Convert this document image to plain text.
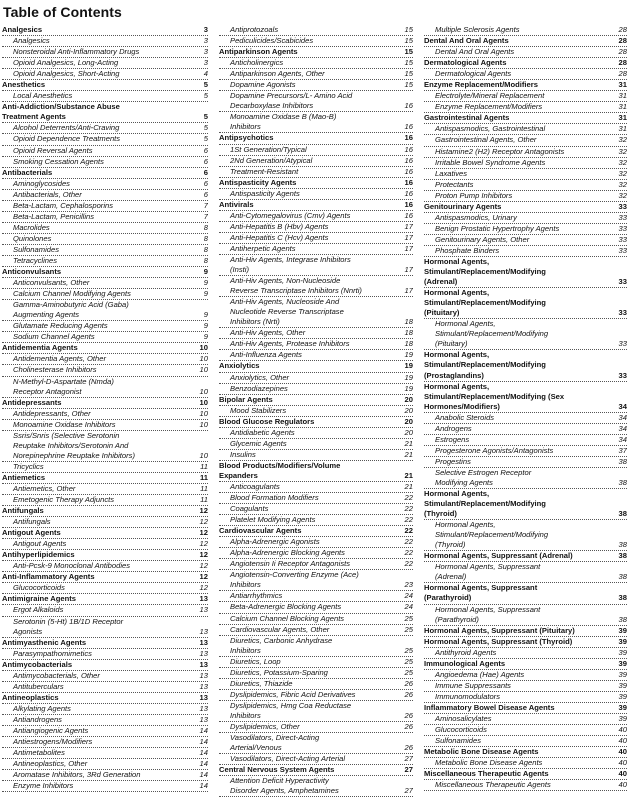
Table of Contents
Analgesics	3
Analgesics	3
Nonsteroidal Anti-Inflammatory Drugs	3
Opioid Analgesics, Long-Acting	3
Opioid Analgesics, Short-Acting	4
Anesthetics	5
Local Anesthetics	5
Anti-Addiction/Substance Abuse
Treatment Agents	5
Alcohol Deterrents/Anti-Craving	5
Opioid Dependence Treatments	5
Opioid Reversal Agents	6
Smoking Cessation Agents	6
Antibacterials	6
Aminoglycosides	6
Antibacterials, Other	6
Beta-Lactam, Cephalosporins	7
Beta-Lactam, Penicillins	7
Macrolides	8
Quinolones	8
Sulfonamides	8
Tetracyclines	8
Anticonvulsants	9
Anticonvulsants, Other	9
Calcium Channel Modifying Agents	9
Gamma-Aminobutyric Acid (Gaba)
Augmenting Agents	9
Glutamate Reducing Agents	9
Sodium Channel Agents	9
Antidementia Agents	10
Antidementia Agents, Other	10
Cholinesterase Inhibitors	10
N-Methyl-D-Aspartate (Nmda)
Receptor Antagonist	10
Antidepressants	10
Antidepressants, Other	10
Monoamine Oxidase Inhibitors	10
Ssris/Snris (Selective Serotonin
Reuptake Inhibitors/Serotonin And
Norepinephrine Reuptake Inhibitors)	10
Tricyclics	11
Antiemetics	11
Antiemetics, Other	11
Emetogenic Therapy Adjuncts	11
Antifungals	12
Antifungals	12
Antigout Agents	12
Antigout Agents	12
Antihyperlipidemics	12
Anti-Pcsk-9 Monoclonal Antibodies	12
Anti-Inflammatory Agents	12
Glucocorticoids	12
Antimigraine Agents	13
Ergot Alkaloids	13
Serotonin (5-Ht) 1B/1D Receptor
Agonists	13
Antimyasthenic Agents	13
Parasympathomimetics	13
Antimycobacterials	13
Antimycobacterials, Other	13
Antituberculars	13
Antineoplastics	13
Alkylating Agents	13
Antiandrogens	13
Antiangiogenic Agents	14
Antiestrogens/Modifiers	14
Antimetabolites	14
Antineoplastics, Other	14
Aromatase Inhibitors, 3Rd Generation	14
Enzyme Inhibitors	14
Antiprotozoals	15
Pediculicides/Scabicides	15
Antiparkinson Agents	15
Anticholinergics	15
Antiparkinson Agents, Other	15
Dopamine Agonists	15
Dopamine Precursors/L- Amino Acid
Decarboxylase Inhibitors	16
Monoamine Oxidase B (Mao-B)
Inhibitors	16
Antipsychotics	16
1St Generation/Typical	16
2Nd Generation/Atypical	16
Treatment-Resistant	16
Antispasticity Agents	16
Antispasticity Agents	16
Antivirals	16
Anti-Cytomegalovirus (Cmv) Agents	16
Anti-Hepatitis B (Hbv) Agents	17
Anti-Hepatitis C (Hcv) Agents	17
Antiherpetic Agents	17
Anti-Hiv Agents, Integrase Inhibitors
(Insti)	17
Anti-Hiv Agents, Non-Nucleoside
Reverse Transcriptase Inhibitors (Nnrti)	17
Anti-Hiv Agents, Nucleoside And
Nucleotide Reverse Transcriptase
Inhibitors (Nrti)	18
Anti-Hiv Agents, Other	18
Anti-Hiv Agents, Protease Inhibitors	18
Anti-Influenza Agents	19
Anxiolytics	19
Anxiolytics, Other	19
Benzodiazepines	19
Bipolar Agents	20
Mood Stabilizers	20
Blood Glucose Regulators	20
Antidiabetic Agents	20
Glycemic Agents	21
Insulins	21
Blood Products/Modifiers/Volume
Expanders	21
Anticoagulants	21
Blood Formation Modifiers	22
Coagulants	22
Platelet Modifying Agents	22
Cardiovascular Agents	22
Alpha-Adrenergic Agonists	22
Alpha-Adrenergic Blocking Agents	22
Angiotensin Ii Receptor Antagonists	22
Angiotensin-Converting Enzyme (Ace)
Inhibitors	23
Antiarrhythmics	24
Beta-Adrenergic Blocking Agents	24
Calcium Channel Blocking Agents	25
Cardiovascular Agents, Other	25
Diuretics, Carbonic Anhydrase
Inhibitors	25
Diuretics, Loop	25
Diuretics, Potassium-Sparing	25
Diuretics, Thiazide	26
Dyslipidemics, Fibric Acid Derivatives	26
Dyslipidemics, Hmg Coa Reductase
Inhibitors	26
Dyslipidemics, Other	26
Vasodilators, Direct-Acting
Arterial/Venous	26
Vasodilators, Direct-Acting Arterial	27
Central Nervous System Agents	27
Attention Deficit Hyperactivity
Disorder Agents, Amphetamines	27
Multiple Sclerosis Agents	28
Dental And Oral Agents	28
Dental And Oral Agents	28
Dermatological Agents	28
Dermatological Agents	28
Enzyme Replacement/Modifiers	31
Electrolyte/Mineral Replacement	31
Enzyme Replacement/Modifiers	31
Gastrointestinal Agents	31
Antispasmodics, Gastrointestinal	31
Gastrointestinal Agents, Other	32
Histamine2 (H2) Receptor Antagonists	32
Irritable Bowel Syndrome Agents	32
Laxatives	32
Protectants	32
Proton Pump Inhibitors	32
Genitourinary Agents	33
Antispasmodics, Urinary	33
Benign Prostatic Hypertrophy Agents	33
Genitourinary Agents, Other	33
Phosphate Binders	33
Hormonal Agents,
Stimulant/Replacement/Modifying
(Adrenal)	33
Hormonal Agents,
Stimulant/Replacement/Modifying
(Pituitary)	33
Hormonal Agents,
Stimulant/Replacement/Modifying
(Pituitary)	33
Hormonal Agents,
Stimulant/Replacement/Modifying
(Prostaglandins)	33
Hormonal Agents,
Stimulant/Replacement/Modifying (Sex
Hormones/Modifiers)	34
Anabolic Steroids	34
Androgens	34
Estrogens	34
Progesterone Agonists/Antagonists	37
Progestins	38
Selective Estrogen Receptor
Modifying Agents	38
Hormonal Agents,
Stimulant/Replacement/Modifying
(Thyroid)	38
Hormonal Agents,
Stimulant/Replacement/Modifying
(Thyroid)	38
Hormonal Agents, Suppressant (Adrenal)	38
Hormonal Agents, Suppressant
(Adrenal)	38
Hormonal Agents, Suppressant
(Parathyroid)	38
Hormonal Agents, Suppressant
(Parathyroid)	38
Hormonal Agents, Suppressant (Pituitary)	39
Hormonal Agents, Suppressant (Thyroid)	39
Antithyroid Agents	39
Immunological Agents	39
Angioedema (Hae) Agents	39
Immune Suppressants	39
Immunomodulators	39
Inflammatory Bowel Disease Agents	39
Aminosalicylates	39
Glucocorticoids	40
Sulfonamides	40
Metabolic Bone Disease Agents	40
Metabolic Bone Disease Agents	40
Miscellaneous Therapeutic Agents	40
Miscellaneous Therapeutic Agents	40
